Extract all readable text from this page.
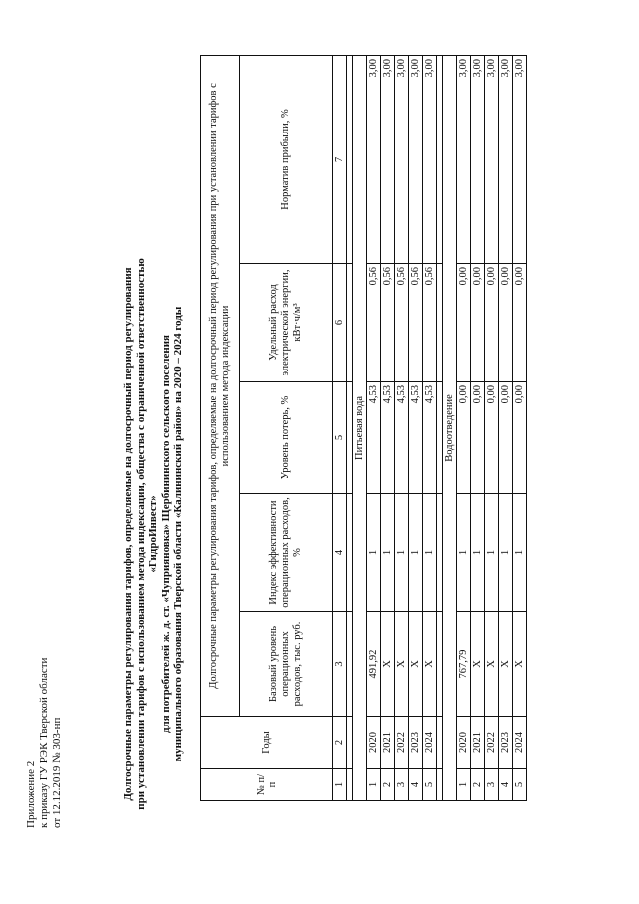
Приложение 2 к приказу ГУ РЭК Тверской области от 12.12.2019 № 303-нп	Долгосрочные параметры регулирования тарифов, определяемые на долгосрочный период регулирования при установлении тарифов с использованием метода индексации, общества с ограниченной ответственностью «ГидроИнвест» для потребителей ж. д. ст. «Чуприяновка» Щербининского сельского поселения муниципального образования Тверской области «Калининский район» на 2020 – 2024 годы
№ п/п	Годы	Долгосрочные параметры регулирования тарифов, определяемые на долгосрочный период регулирования при установлении тарифов с использованием метода индексации				
		Базовый уровень операционных расходов, тыс. руб.	Индекс эффективности операционных расходов, %	Уровень потерь, %	Удельный расход электрической энергии, кВт·ч/м³	Норматив прибыли, %
1	2	3	4	5	6	7

Питьевая вода						
1	2020	491,92	1	4,53	0,56	3,00
2	2021	Х	1	4,53	0,56	3,00
3	2022	Х	1	4,53	0,56	3,00
4	2023	Х	1	4,53	0,56	3,00
5	2024	Х	1	4,53	0,56	3,00

Водоотведение						
1	2020	767,79	1	0,00	0,00	3,00
2	2021	Х	1	0,00	0,00	3,00
3	2022	Х	1	0,00	0,00	3,00
4	2023	Х	1	0,00	0,00	3,00
5	2024	Х	1	0,00	0,00	3,00
